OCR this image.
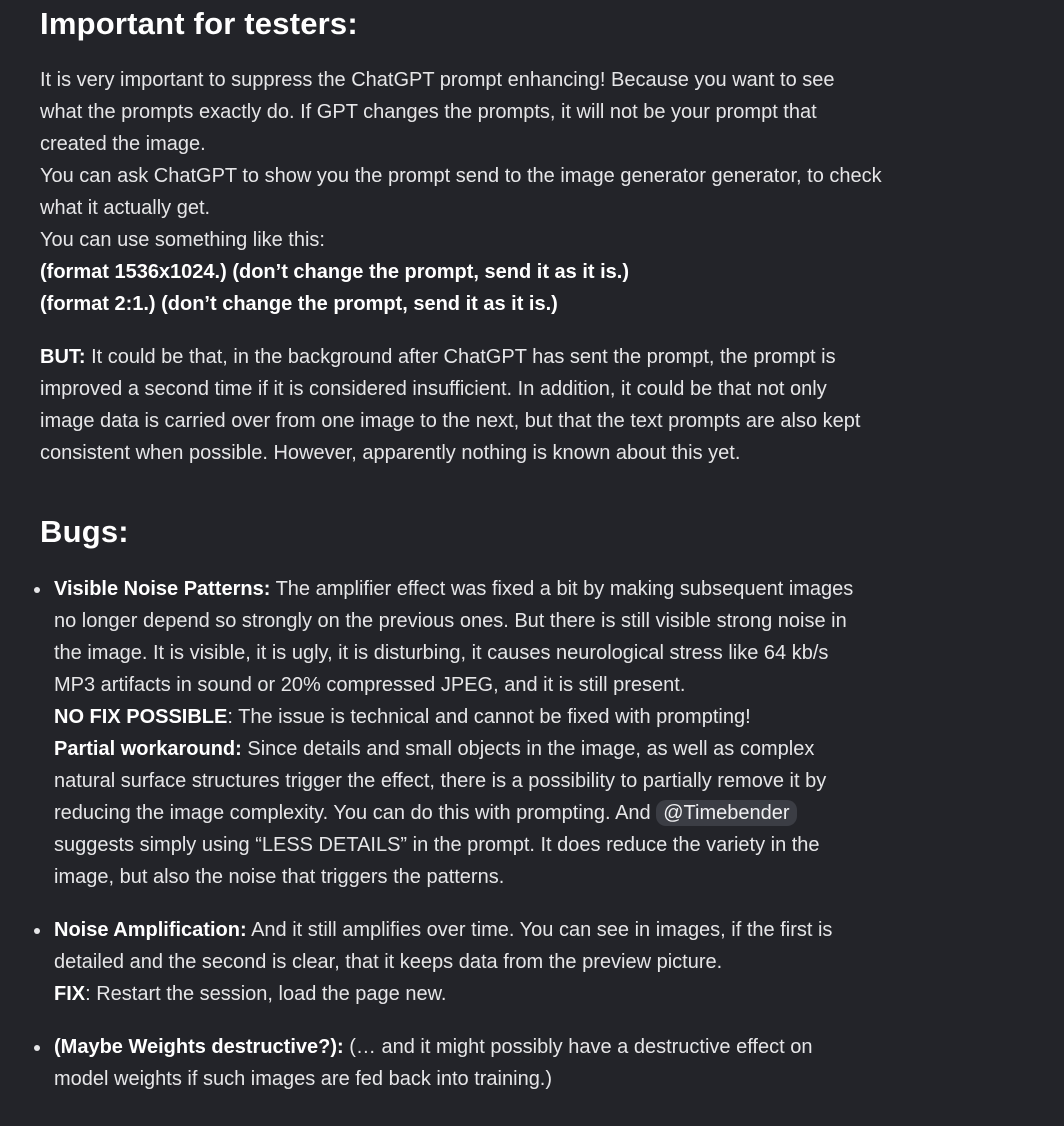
Important for testers:

It is very important to suppress the ChatGPT prompt enhancing! Because you want to see
what the prompts exactly do. If GPT changes the prompts, it will not be your prompt that
created the image.
You can ask ChatGPT to show you the prompt send to the image generator generator, to check
what it actually get.
You can use something like this:
(format 1536x1024.) (don’t change the prompt, send it as it is.)
(format 2:1.) (don’t change the prompt, send it as it is.)

BUT: It could be that, in the background after ChatGPT has sent the prompt, the prompt is
improved a second time if it is considered insufficient. In addition, it could be that not only
image data is carried over from one image to the next, but that the text prompts are also kept
consistent when possible. However, apparently nothing is known about this yet.

Bugs:
Visible Noise Patterns: The amplifier effect was fixed a bit by making subsequent images
no longer depend so strongly on the previous ones. But there is still visible strong noise in
the image. It is visible, it is ugly, it is disturbing, it causes neurological stress like 64 kb/s
MP3 artifacts in sound or 20% compressed JPEG, and it is still present.
NO FIX POSSIBLE: The issue is technical and cannot be fixed with prompting!
Partial workaround: Since details and small objects in the image, as well as complex
natural surface structures trigger the effect, there is a possibility to partially remove it by
reducing the image complexity. You can do this with prompting. And @Timebender
suggests simply using “LESS DETAILS” in the prompt. It does reduce the variety in the
image, but also the noise that triggers the patterns.
Noise Amplification: And it still amplifies over time. You can see in images, if the first is
detailed and the second is clear, that it keeps data from the preview picture.
FIX: Restart the session, load the page new.
(Maybe Weights destructive?): (… and it might possibly have a destructive effect on
model weights if such images are fed back into training.)
